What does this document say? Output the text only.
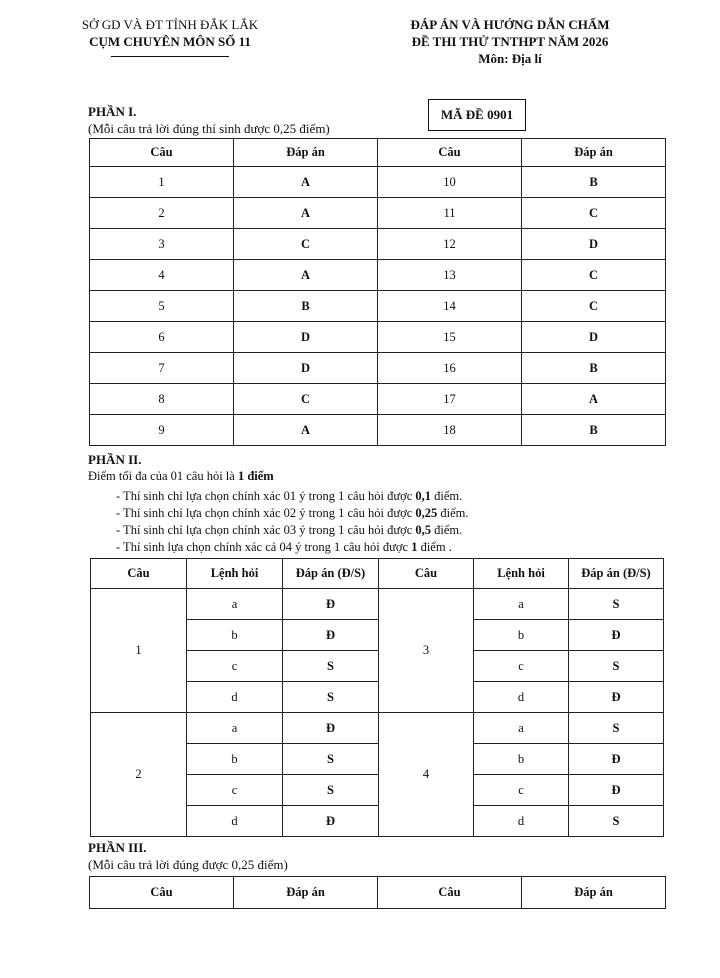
SỞ GD VÀ ĐT TỈNH ĐẮK LẮK
CỤM CHUYÊN MÔN SỐ 11
ĐÁP ÁN VÀ HƯỚNG DẪN CHẤM
ĐỀ THI THỬ TNTHPT NĂM 2026
Môn: Địa lí
PHẦN I.
(Mỗi câu trả lời đúng thí sinh được 0,25 điểm)
MÃ ĐỀ 0901
Câu	Đáp án	Câu	Đáp án
1	A	10	B
2	A	11	C
3	C	12	D
4	A	13	C
5	B	14	C
6	D	15	D
7	D	16	B
8	C	17	A
9	A	18	B
PHẦN II.
Điểm tối đa của 01 câu hỏi là 1 điểm
- Thí sinh chỉ lựa chọn chính xác 01 ý trong 1 câu hỏi được 0,1 điểm.
- Thí sinh chỉ lựa chọn chính xác 02 ý trong 1 câu hỏi được 0,25 điểm.
- Thí sinh chỉ lựa chọn chính xác 03 ý trong 1 câu hỏi được 0,5 điểm.
- Thí sinh lựa chọn chính xác cả 04 ý trong 1 câu hỏi được 1 điểm .
Câu	Lệnh hỏi	Đáp án (Đ/S)	Câu	Lệnh hỏi	Đáp án (Đ/S)
1	a	Đ	3	a	S
	b	Đ		b	Đ
	c	S		c	S
	d	S		d	Đ
2	a	Đ	4	a	S
	b	S		b	Đ
	c	S		c	Đ
	d	Đ		d	S
PHẦN III.
(Mỗi câu trả lời đúng được 0,25 điểm)
Câu	Đáp án	Câu	Đáp án
